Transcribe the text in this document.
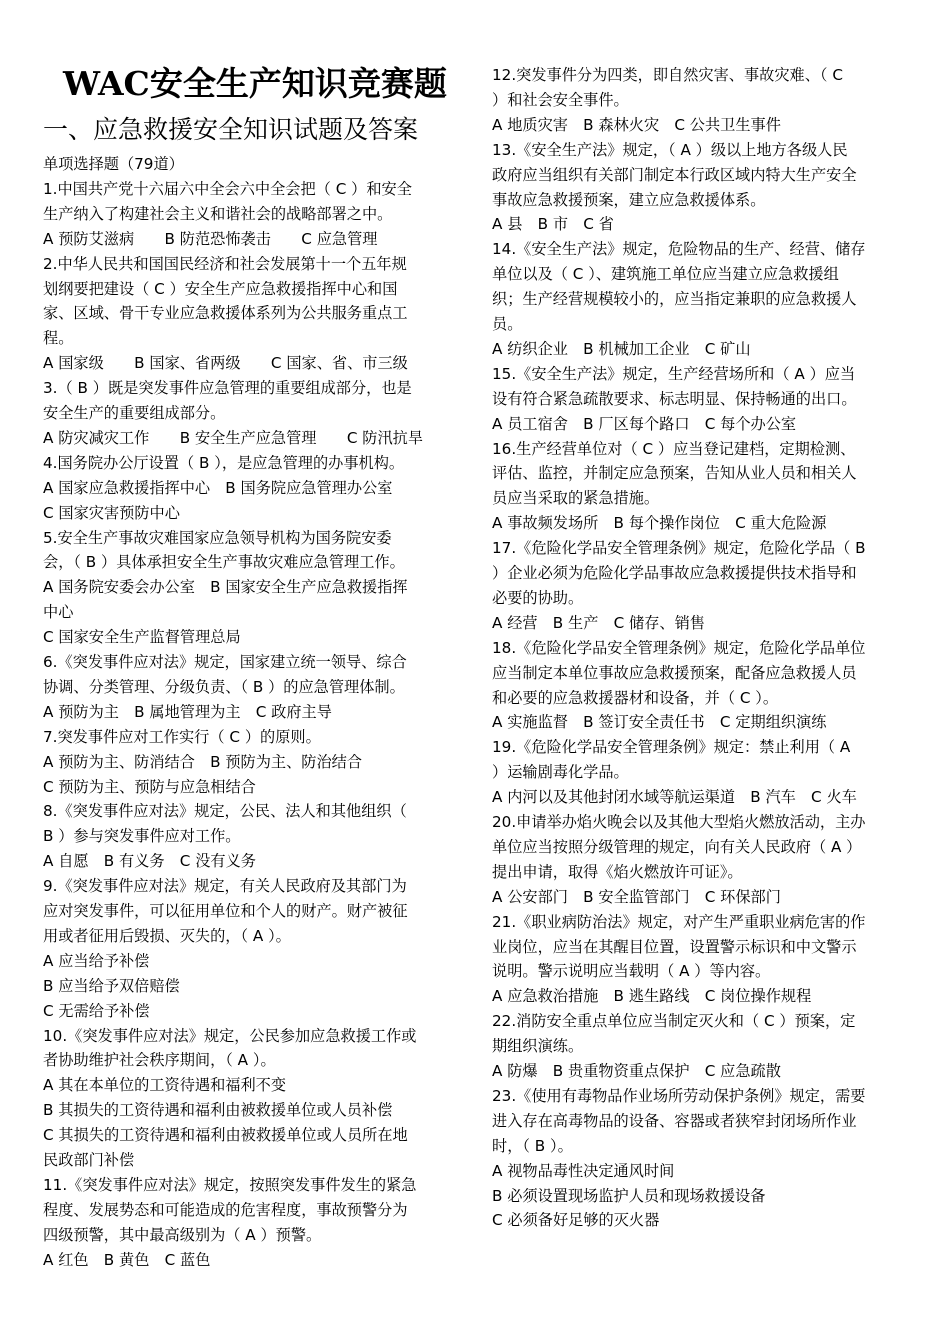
WAC安全生产知识竞赛题
一、应急救援安全知识试题及答案
单项选择题（79道）
1.中国共产党十六届六中全会六中全会把（ C ）和安全
生产纳入了构建社会主义和谐社会的战略部署之中。
A 预防艾滋病　　B 防范恐怖袭击　　C 应急管理
2.中华人民共和国国民经济和社会发展第十一个五年规
划纲要把建设（ C ）安全生产应急救援指挥中心和国
家、区域、骨干专业应急救援体系列为公共服务重点工
程。
A 国家级　　B 国家、省两级　　C 国家、省、市三级
3.（ B ）既是突发事件应急管理的重要组成部分，也是
安全生产的重要组成部分。
A 防灾减灾工作　　B 安全生产应急管理　　C 防汛抗旱
4.国务院办公厅设置（ B ），是应急管理的办事机构。
A 国家应急救援指挥中心　B 国务院应急管理办公室
C 国家灾害预防中心
5.安全生产事故灾难国家应急领导机构为国务院安委
会，（ B ）具体承担安全生产事故灾难应急管理工作。
A 国务院安委会办公室　B 国家安全生产应急救援指挥
中心
C 国家安全生产监督管理总局
6.《突发事件应对法》规定，国家建立统一领导、综合
协调、分类管理、分级负责、（ B ）的应急管理体制。
A 预防为主　B 属地管理为主　C 政府主导
7.突发事件应对工作实行（ C ）的原则。
A 预防为主、防消结合　B 预防为主、防治结合
C 预防为主、预防与应急相结合
8.《突发事件应对法》规定，公民、法人和其他组织（
B ）参与突发事件应对工作。
A 自愿　B 有义务　C 没有义务
9.《突发事件应对法》规定，有关人民政府及其部门为
应对突发事件，可以征用单位和个人的财产。财产被征
用或者征用后毁损、灭失的，（ A ）。
A 应当给予补偿
B 应当给予双倍赔偿
C 无需给予补偿
10.《突发事件应对法》规定，公民参加应急救援工作或
者协助维护社会秩序期间，（ A ）。
A 其在本单位的工资待遇和福利不变
B 其损失的工资待遇和福利由被救援单位或人员补偿
C 其损失的工资待遇和福利由被救援单位或人员所在地
民政部门补偿
11.《突发事件应对法》规定，按照突发事件发生的紧急
程度、发展势态和可能造成的危害程度，事故预警分为
四级预警，其中最高级别为（ A ）预警。
A 红色　B 黄色　C 蓝色
12.突发事件分为四类，即自然灾害、事故灾难、（ C
）和社会安全事件。
A 地质灾害　B 森林火灾　C 公共卫生事件
13.《安全生产法》规定，（ A ）级以上地方各级人民
政府应当组织有关部门制定本行政区域内特大生产安全
事故应急救援预案，建立应急救援体系。
A 县　B 市　C 省
14.《安全生产法》规定，危险物品的生产、经营、储存
单位以及（ C ）、建筑施工单位应当建立应急救援组
织；生产经营规模较小的，应当指定兼职的应急救援人
员。
A 纺织企业　B 机械加工企业　C 矿山
15.《安全生产法》规定，生产经营场所和（ A ）应当
设有符合紧急疏散要求、标志明显、保持畅通的出口。
A 员工宿舍　B 厂区每个路口　C 每个办公室
16.生产经营单位对（ C ）应当登记建档，定期检测、
评估、监控，并制定应急预案，告知从业人员和相关人
员应当采取的紧急措施。
A 事故频发场所　B 每个操作岗位　C 重大危险源
17.《危险化学品安全管理条例》规定，危险化学品（ B
）企业必须为危险化学品事故应急救援提供技术指导和
必要的协助。
A 经营　B 生产　C 储存、销售
18.《危险化学品安全管理条例》规定，危险化学品单位
应当制定本单位事故应急救援预案，配备应急救援人员
和必要的应急救援器材和设备，并（ C ）。
A 实施监督　B 签订安全责任书　C 定期组织演练
19.《危险化学品安全管理条例》规定：禁止利用（ A
）运输剧毒化学品。
A 内河以及其他封闭水域等航运渠道　B 汽车　C 火车
20.申请举办焰火晚会以及其他大型焰火燃放活动，主办
单位应当按照分级管理的规定，向有关人民政府（ A ）
提出申请，取得《焰火燃放许可证》。
A 公安部门　B 安全监管部门　C 环保部门
21.《职业病防治法》规定，对产生严重职业病危害的作
业岗位，应当在其醒目位置，设置警示标识和中文警示
说明。警示说明应当载明（ A ）等内容。
A 应急救治措施　B 逃生路线　C 岗位操作规程
22.消防安全重点单位应当制定灭火和（ C ）预案，定
期组织演练。
A 防爆　B 贵重物资重点保护　C 应急疏散
23.《使用有毒物品作业场所劳动保护条例》规定，需要
进入存在高毒物品的设备、容器或者狭窄封闭场所作业
时，（ B ）。
A 视物品毒性决定通风时间
B 必须设置现场监护人员和现场救援设备
C 必须备好足够的灭火器
